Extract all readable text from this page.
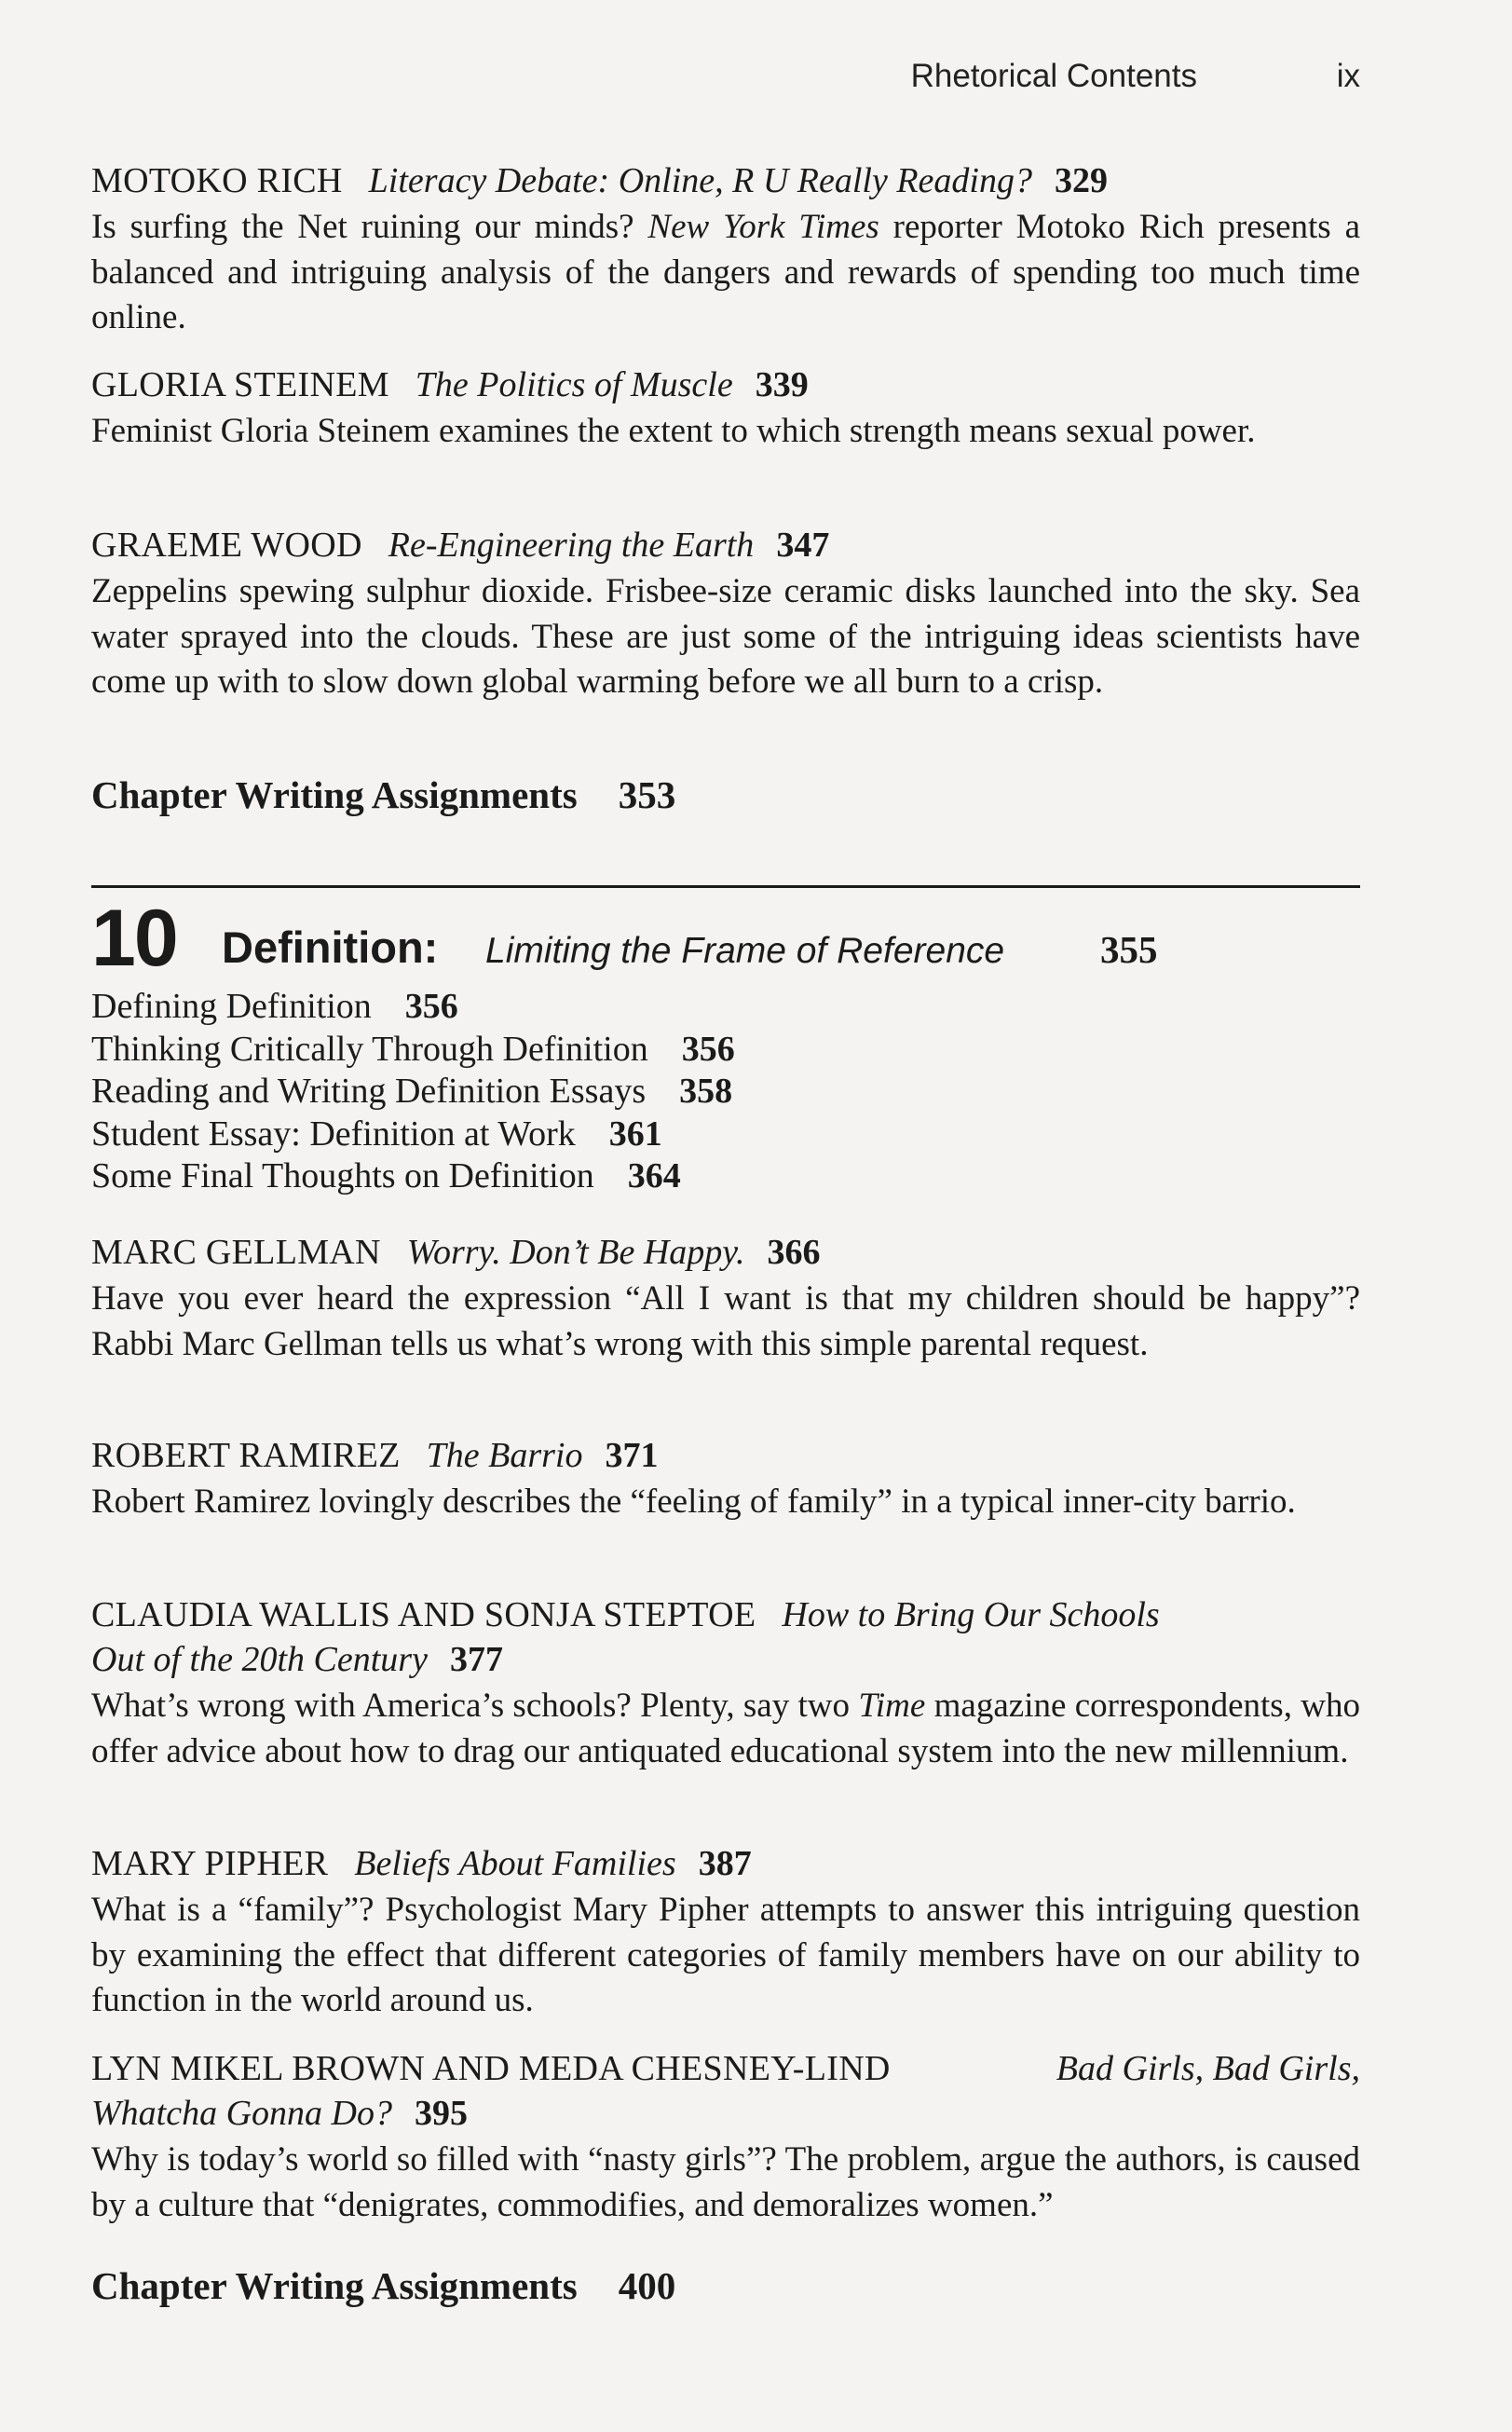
Rhetorical Contents	ix
MOTOKO RICH Literacy Debate: Online, R U Really Reading? 329
Is surfing the Net ruining our minds? New York Times reporter Motoko Rich presents a balanced and intriguing analysis of the dangers and rewards of spending too much time online.
GLORIA STEINEM The Politics of Muscle 339
Feminist Gloria Steinem examines the extent to which strength means sexual power.
GRAEME WOOD Re-Engineering the Earth 347
Zeppelins spewing sulphur dioxide. Frisbee-size ceramic disks launched into the sky. Sea water sprayed into the clouds. These are just some of the intriguing ideas scientists have come up with to slow down global warming before we all burn to a crisp.
Chapter Writing Assignments 353
10 Definition: Limiting the Frame of Reference	355
Defining Definition 356
Thinking Critically Through Definition 356
Reading and Writing Definition Essays 358
Student Essay: Definition at Work 361
Some Final Thoughts on Definition 364
MARC GELLMAN Worry. Don’t Be Happy. 366
Have you ever heard the expression “All I want is that my children should be happy”? Rabbi Marc Gellman tells us what’s wrong with this simple parental request.
ROBERT RAMIREZ The Barrio 371
Robert Ramirez lovingly describes the “feeling of family” in a typical inner-city barrio.
CLAUDIA WALLIS AND SONJA STEPTOE How to Bring Our Schools
Out of the 20th Century 377
What’s wrong with America’s schools? Plenty, say two Time magazine correspondents, who offer advice about how to drag our antiquated educational system into the new millennium.
MARY PIPHER Beliefs About Families 387
What is a “family”? Psychologist Mary Pipher attempts to answer this intriguing question by examining the effect that different categories of family members have on our ability to function in the world around us.
LYN MIKEL BROWN AND MEDA CHESNEY-LIND	Bad Girls, Bad Girls,
Whatcha Gonna Do? 395
Why is today’s world so filled with “nasty girls”? The problem, argue the authors, is caused by a culture that “denigrates, commodifies, and demoralizes women.”
Chapter Writing Assignments 400
